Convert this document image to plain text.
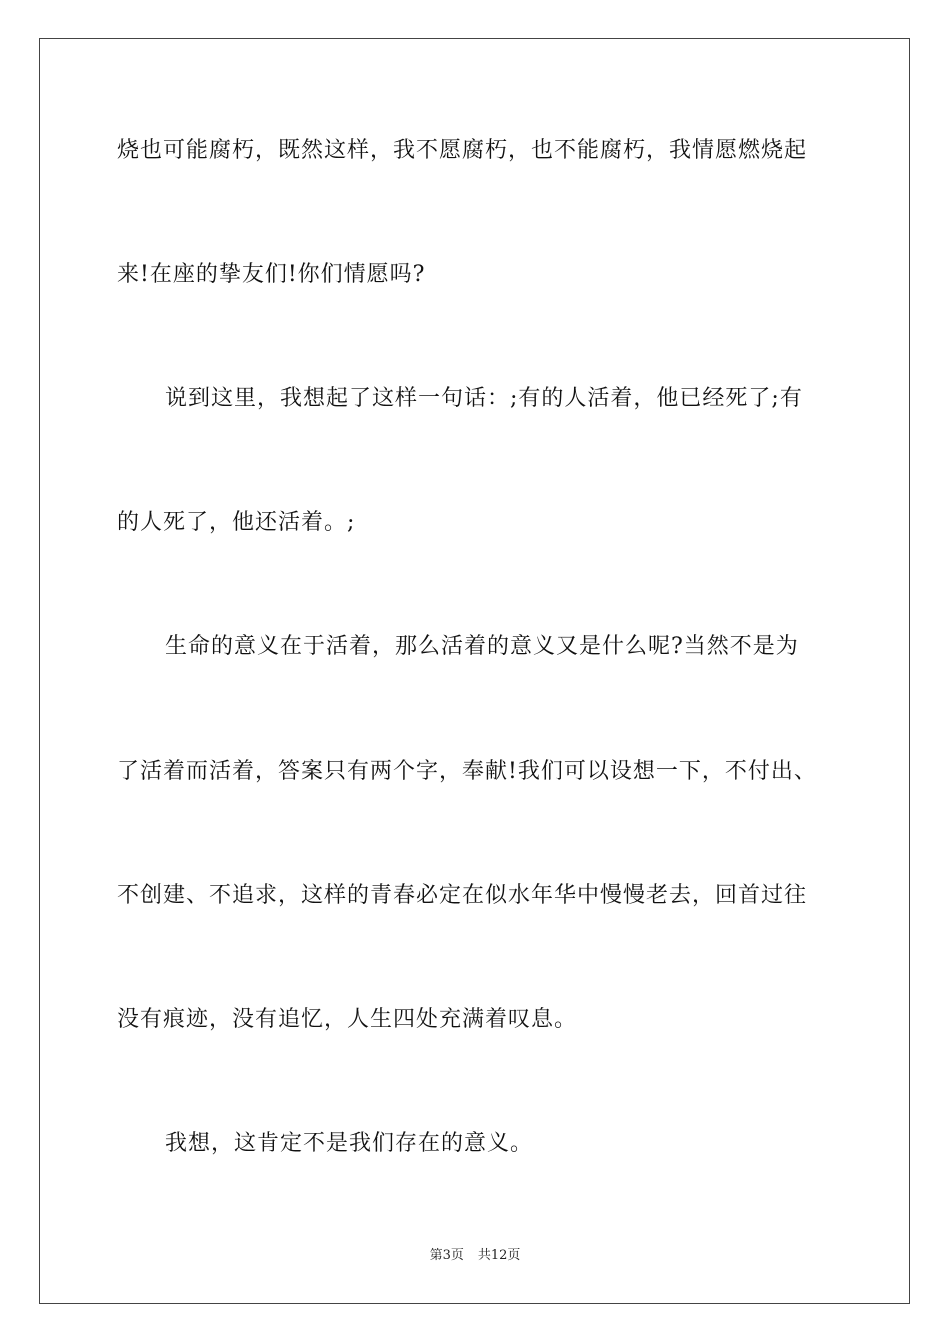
烧也可能腐朽，既然这样，我不愿腐朽，也不能腐朽，我情愿燃烧起
来!在座的挚友们!你们情愿吗?
说到这里，我想起了这样一句话：;有的人活着，他已经死了;有
的人死了，他还活着。;
生命的意义在于活着，那么活着的意义又是什么呢?当然不是为
了活着而活着，答案只有两个字，奉献!我们可以设想一下，不付出、
不创建、不追求，这样的青春必定在似水年华中慢慢老去，回首过往
没有痕迹，没有追忆，人生四处充满着叹息。
我想，这肯定不是我们存在的意义。
第3页 共12页
